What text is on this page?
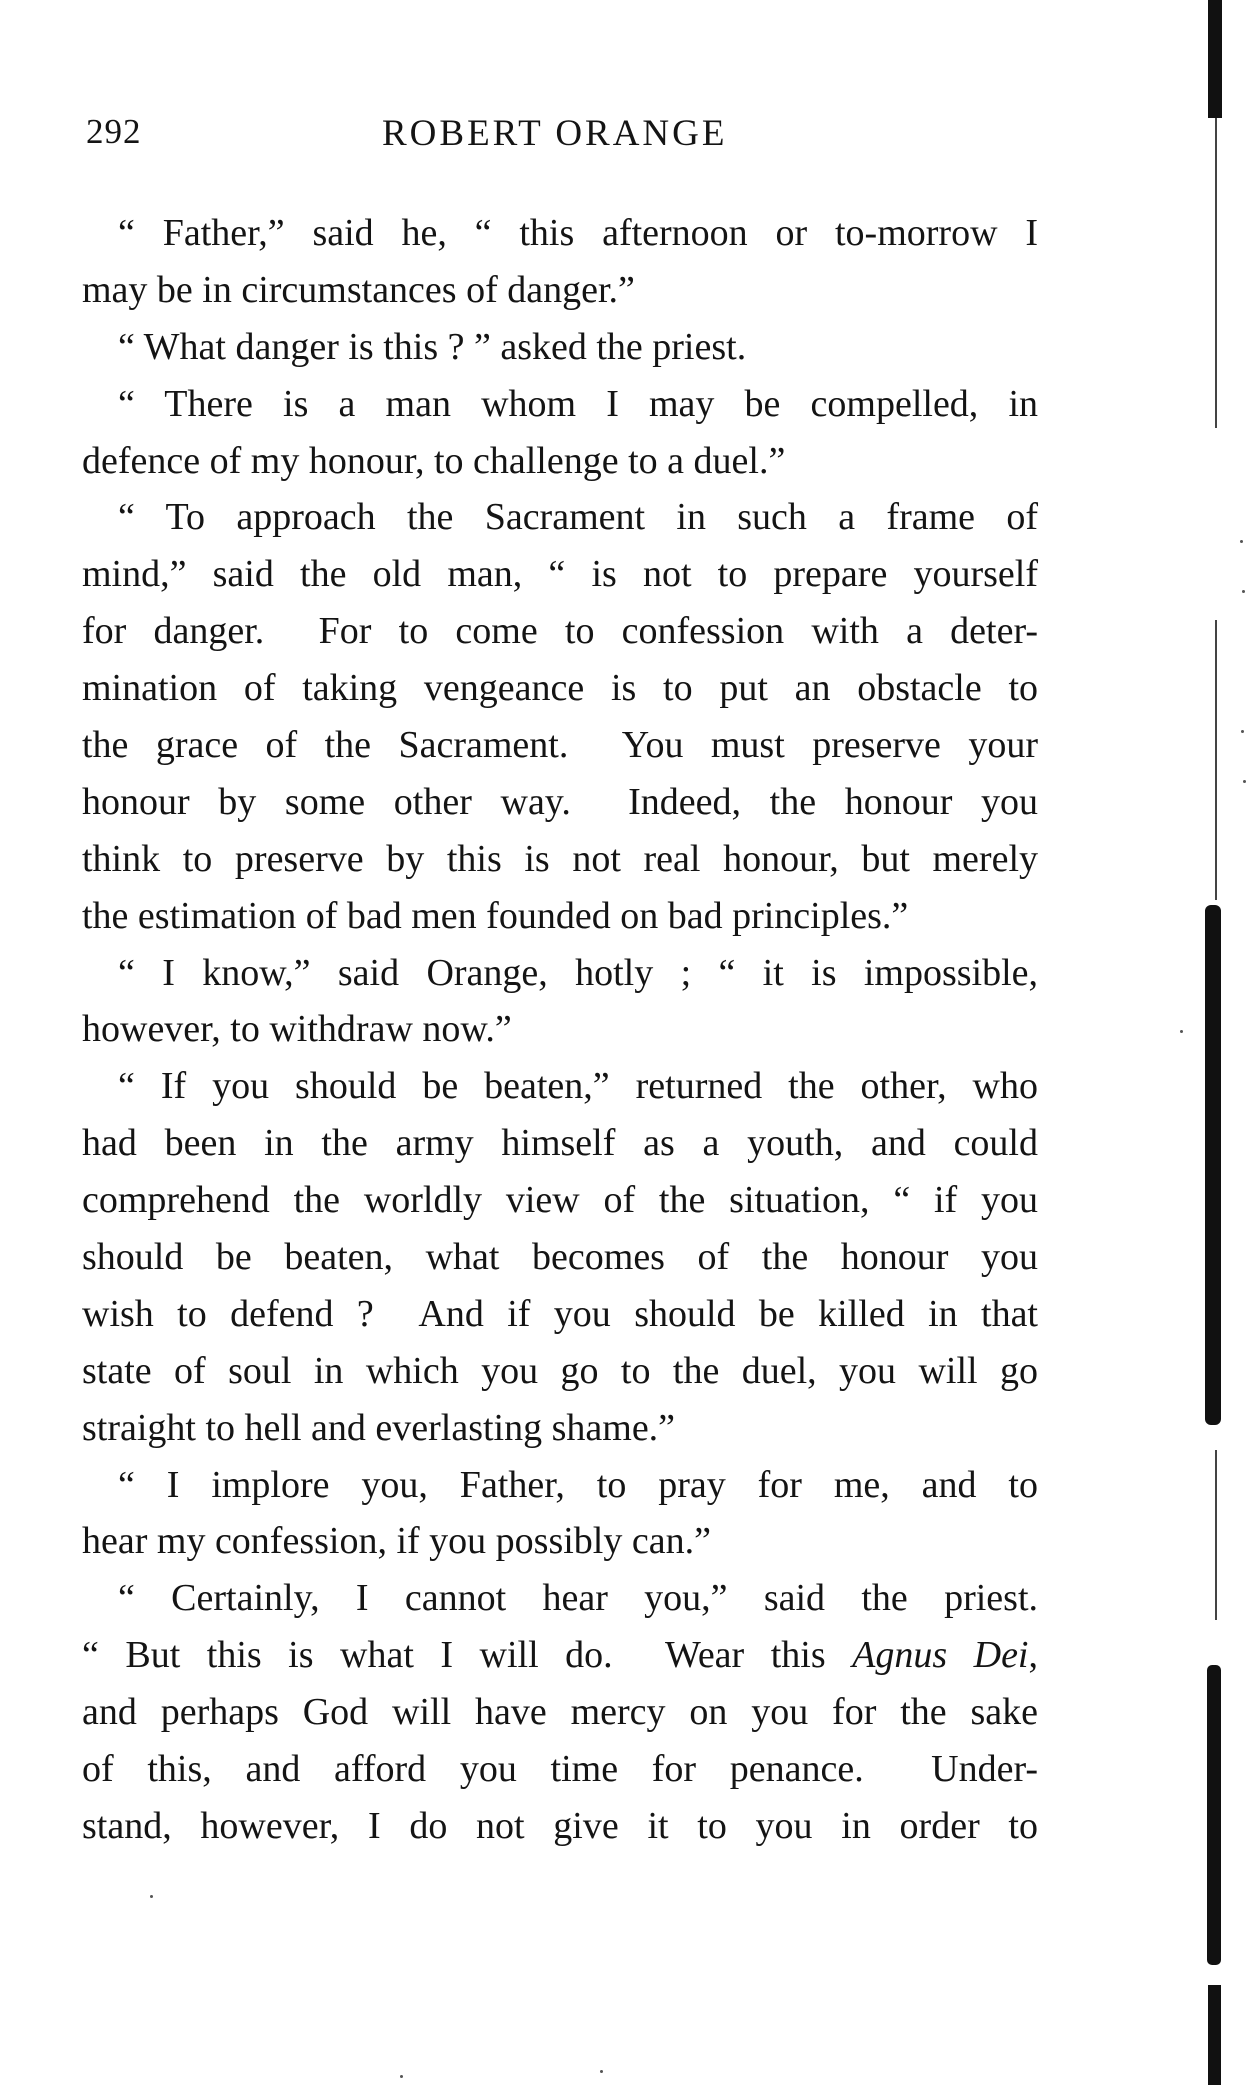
292	ROBERT ORANGE
“ Father,” said he, “ this afternoon or to-morrow I
may be in circumstances of danger.”
“ What danger is this ? ” asked the priest.
“ There is a man whom I may be compelled, in
defence of my honour, to challenge to a duel.”
“ To approach the Sacrament in such a frame of
mind,” said the old man, “ is not to prepare yourself
for danger.  For to come to confession with a deter-
mination of taking vengeance is to put an obstacle to
the grace of the Sacrament.  You must preserve your
honour by some other way.  Indeed, the honour you
think to preserve by this is not real honour, but merely
the estimation of bad men founded on bad principles.”
“ I know,” said Orange, hotly ; “ it is impossible,
however, to withdraw now.”
“ If you should be beaten,” returned the other, who
had been in the army himself as a youth, and could
comprehend the worldly view of the situation, “ if you
should be beaten, what becomes of the honour you
wish to defend ?  And if you should be killed in that
state of soul in which you go to the duel, you will go
straight to hell and everlasting shame.”
“ I implore you, Father, to pray for me, and to
hear my confession, if you possibly can.”
“ Certainly, I cannot hear you,” said the priest.
“ But this is what I will do.  Wear this Agnus Dei,
and perhaps God will have mercy on you for the sake
of this, and afford you time for penance.  Under-
stand, however, I do not give it to you in order to
